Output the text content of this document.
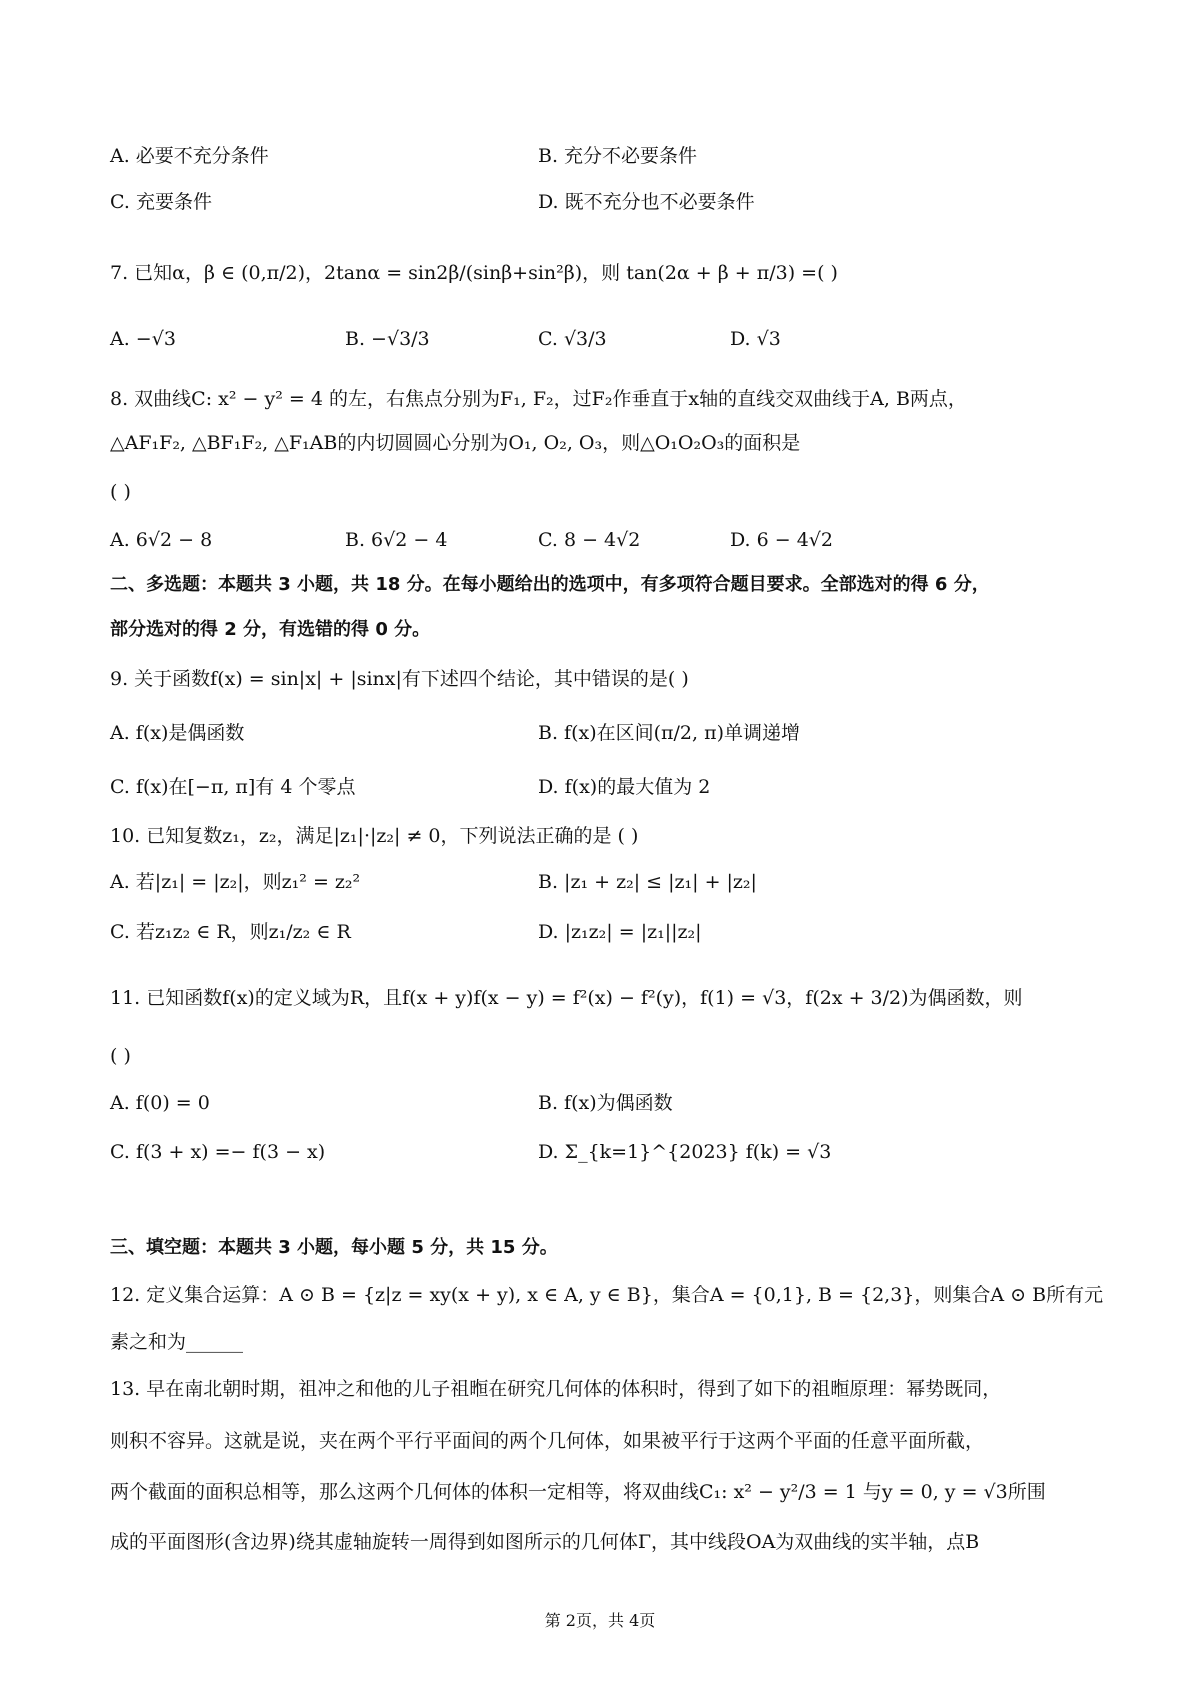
A. 必要不充分条件	B. 充分不必要条件
C. 充要条件	D. 既不充分也不必要条件
7. 已知α，β ∈ (0,π/2)，2tanα = sin2β/(sinβ+sin²β)，则 tan(2α + β + π/3) =( )
A. −√3	B. −√3/3	C. √3/3	D. √3
8. 双曲线C: x² − y² = 4 的左，右焦点分别为F₁, F₂，过F₂作垂直于x轴的直线交双曲线于A, B两点，
△AF₁F₂, △BF₁F₂, △F₁AB的内切圆圆心分别为O₁, O₂, O₃，则△O₁O₂O₃的面积是
( )
A. 6√2 − 8	B. 6√2 − 4	C. 8 − 4√2	D. 6 − 4√2
二、多选题：本题共 3 小题，共 18 分。在每小题给出的选项中，有多项符合题目要求。全部选对的得 6 分，
部分选对的得 2 分，有选错的得 0 分。
9. 关于函数f(x) = sin|x| + |sinx|有下述四个结论，其中错误的是( )
A. f(x)是偶函数	B. f(x)在区间(π/2, π)单调递增
C. f(x)在[−π, π]有 4 个零点	D. f(x)的最大值为 2
10. 已知复数z₁，z₂，满足|z₁|·|z₂| ≠ 0，下列说法正确的是 ( )
A. 若|z₁| = |z₂|，则z₁² = z₂²	B. |z₁ + z₂| ≤ |z₁| + |z₂|
C. 若z₁z₂ ∈ R，则z₁/z₂ ∈ R	D. |z₁z₂| = |z₁||z₂|
11. 已知函数f(x)的定义域为R，且f(x + y)f(x − y) = f²(x) − f²(y)，f(1) = √3，f(2x + 3/2)为偶函数，则
( )
A. f(0) = 0	B. f(x)为偶函数
C. f(3 + x) =− f(3 − x)	D. Σ_{k=1}^{2023} f(k) = √3
三、填空题：本题共 3 小题，每小题 5 分，共 15 分。
12. 定义集合运算：A ⊙ B = {z|z = xy(x + y), x ∈ A, y ∈ B}，集合A = {0,1}, B = {2,3}，则集合A ⊙ B所有元
素之和为______
13. 早在南北朝时期，祖冲之和他的儿子祖暅在研究几何体的体积时，得到了如下的祖暅原理：幂势既同，
则积不容异。这就是说，夹在两个平行平面间的两个几何体，如果被平行于这两个平面的任意平面所截，
两个截面的面积总相等，那么这两个几何体的体积一定相等，将双曲线C₁: x² − y²/3 = 1 与y = 0, y = √3所围
成的平面图形(含边界)绕其虚轴旋转一周得到如图所示的几何体Γ，其中线段OA为双曲线的实半轴，点B
第 2页，共 4页
